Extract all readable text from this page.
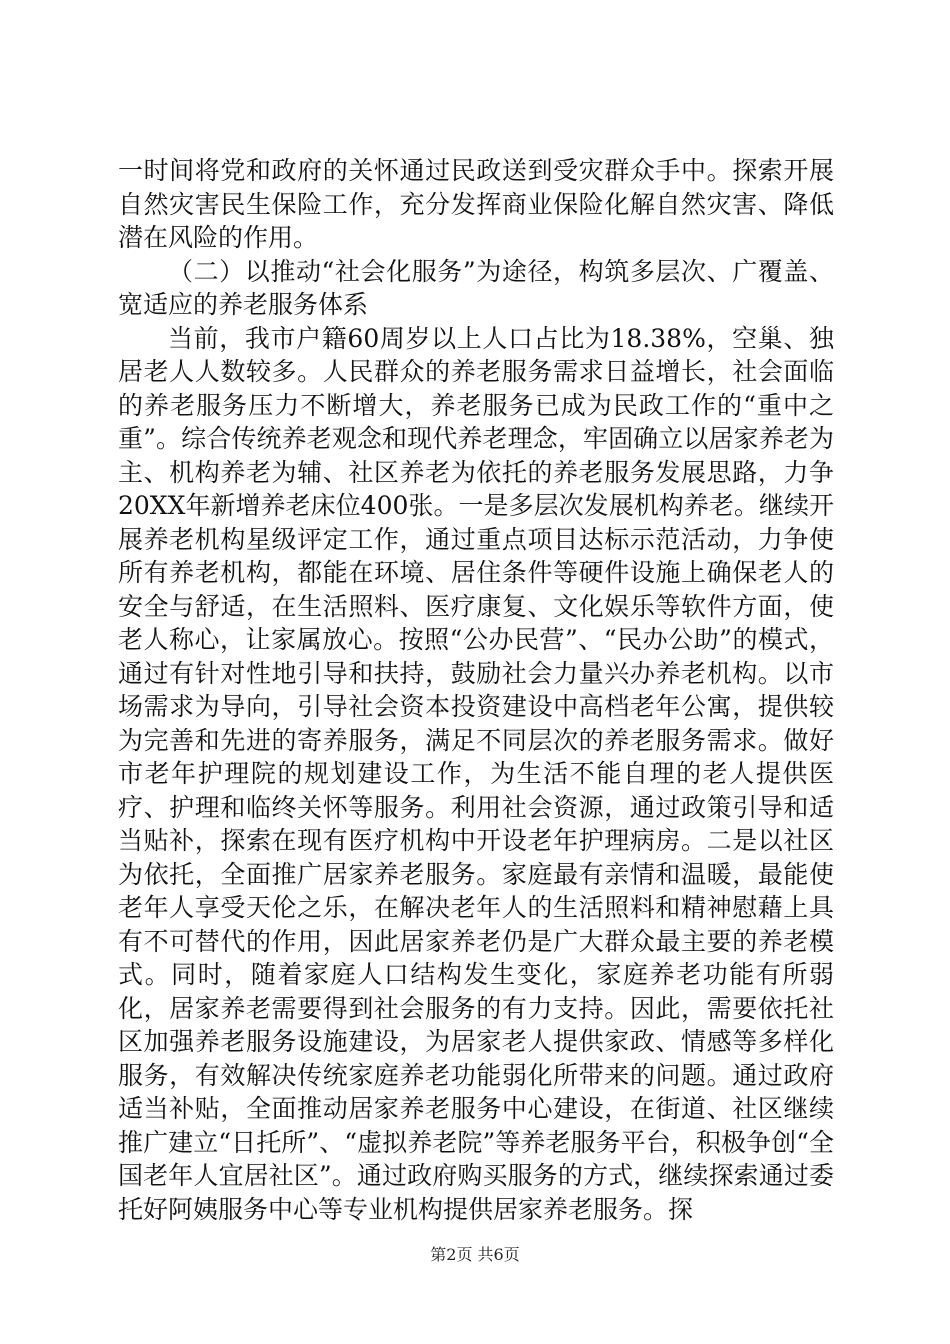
一时间将党和政府的关怀通过民政送到受灾群众手中。探索开展自然灾害民生保险工作，充分发挥商业保险化解自然灾害、降低潜在风险的作用。

（二）以推动“社会化服务”为途径，构筑多层次、广覆盖、宽适应的养老服务体系

当前，我市户籍60周岁以上人口占比为18.38%，空巢、独居老人人数较多。人民群众的养老服务需求日益增长，社会面临的养老服务压力不断增大，养老服务已成为民政工作的“重中之重”。综合传统养老观念和现代养老理念，牢固确立以居家养老为主、机构养老为辅、社区养老为依托的养老服务发展思路，力争20XX年新增养老床位400张。一是多层次发展机构养老。继续开展养老机构星级评定工作，通过重点项目达标示范活动，力争使所有养老机构，都能在环境、居住条件等硬件设施上确保老人的安全与舒适，在生活照料、医疗康复、文化娱乐等软件方面，使老人称心，让家属放心。按照“公办民营”、“民办公助”的模式，通过有针对性地引导和扶持，鼓励社会力量兴办养老机构。以市场需求为导向，引导社会资本投资建设中高档老年公寓，提供较为完善和先进的寄养服务，满足不同层次的养老服务需求。做好市老年护理院的规划建设工作，为生活不能自理的老人提供医疗、护理和临终关怀等服务。利用社会资源，通过政策引导和适当贴补，探索在现有医疗机构中开设老年护理病房。二是以社区为依托，全面推广居家养老服务。家庭最有亲情和温暖，最能使老年人享受天伦之乐，在解决老年人的生活照料和精神慰藉上具有不可替代的作用，因此居家养老仍是广大群众最主要的养老模式。同时，随着家庭人口结构发生变化，家庭养老功能有所弱化，居家养老需要得到社会服务的有力支持。因此，需要依托社区加强养老服务设施建设，为居家老人提供家政、情感等多样化服务，有效解决传统家庭养老功能弱化所带来的问题。通过政府适当补贴，全面推动居家养老服务中心建设，在街道、社区继续推广建立“日托所”、“虚拟养老院”等养老服务平台，积极争创“全国老年人宜居社区”。通过政府购买服务的方式，继续探索通过委托好阿姨服务中心等专业机构提供居家养老服务。探

第2页 共6页
